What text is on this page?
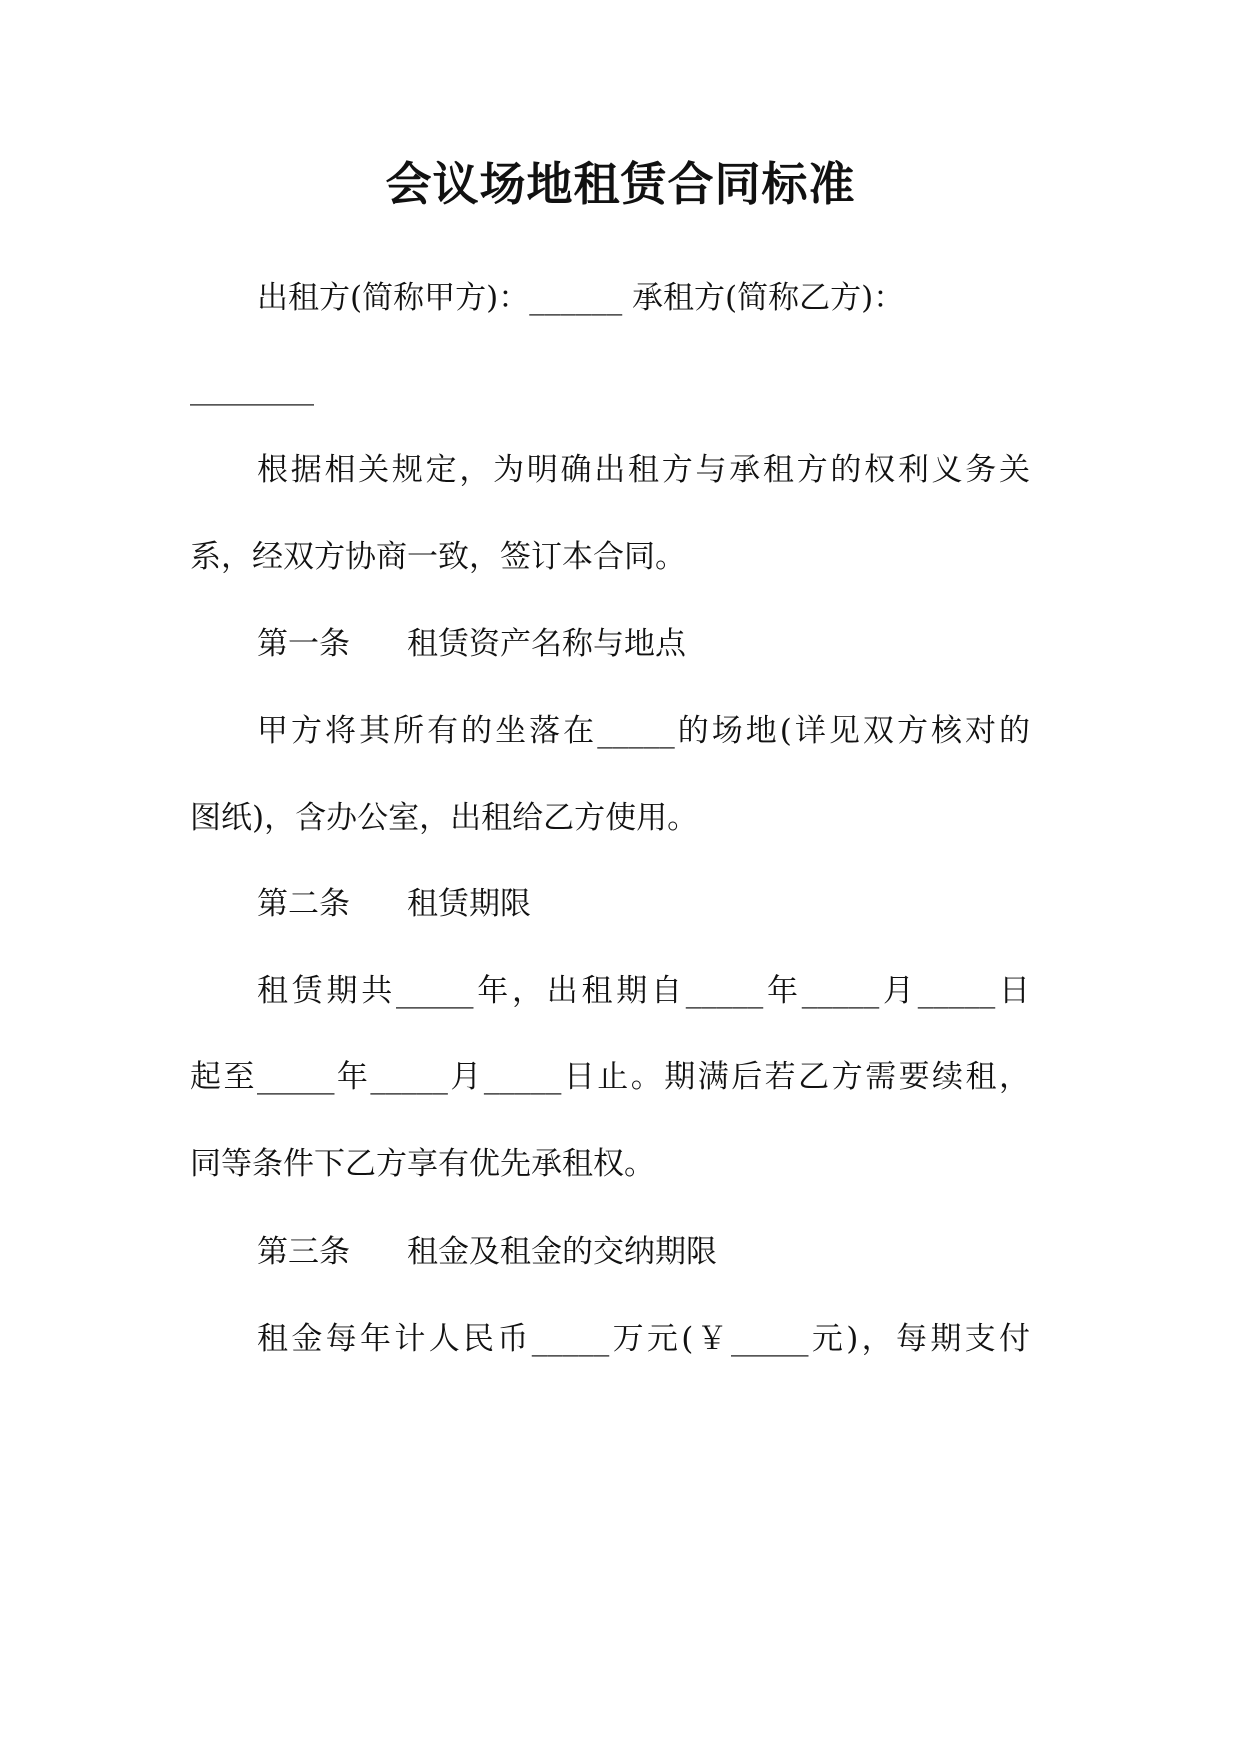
会议场地租赁合同标准

出租方(简称甲方)：______ 承租方(简称乙方)：

________

根据相关规定，为明确出租方与承租方的权利义务关

系，经双方协商一致，签订本合同。

第一条 租赁资产名称与地点

甲方将其所有的坐落在_____的场地(详见双方核对的

图纸)，含办公室，出租给乙方使用。

第二条 租赁期限

租赁期共_____年，出租期自_____年_____月_____日

起至_____年_____月_____日止。期满后若乙方需要续租，

同等条件下乙方享有优先承租权。

第三条 租金及租金的交纳期限

租金每年计人民币_____万元(￥_____元)，每期支付
